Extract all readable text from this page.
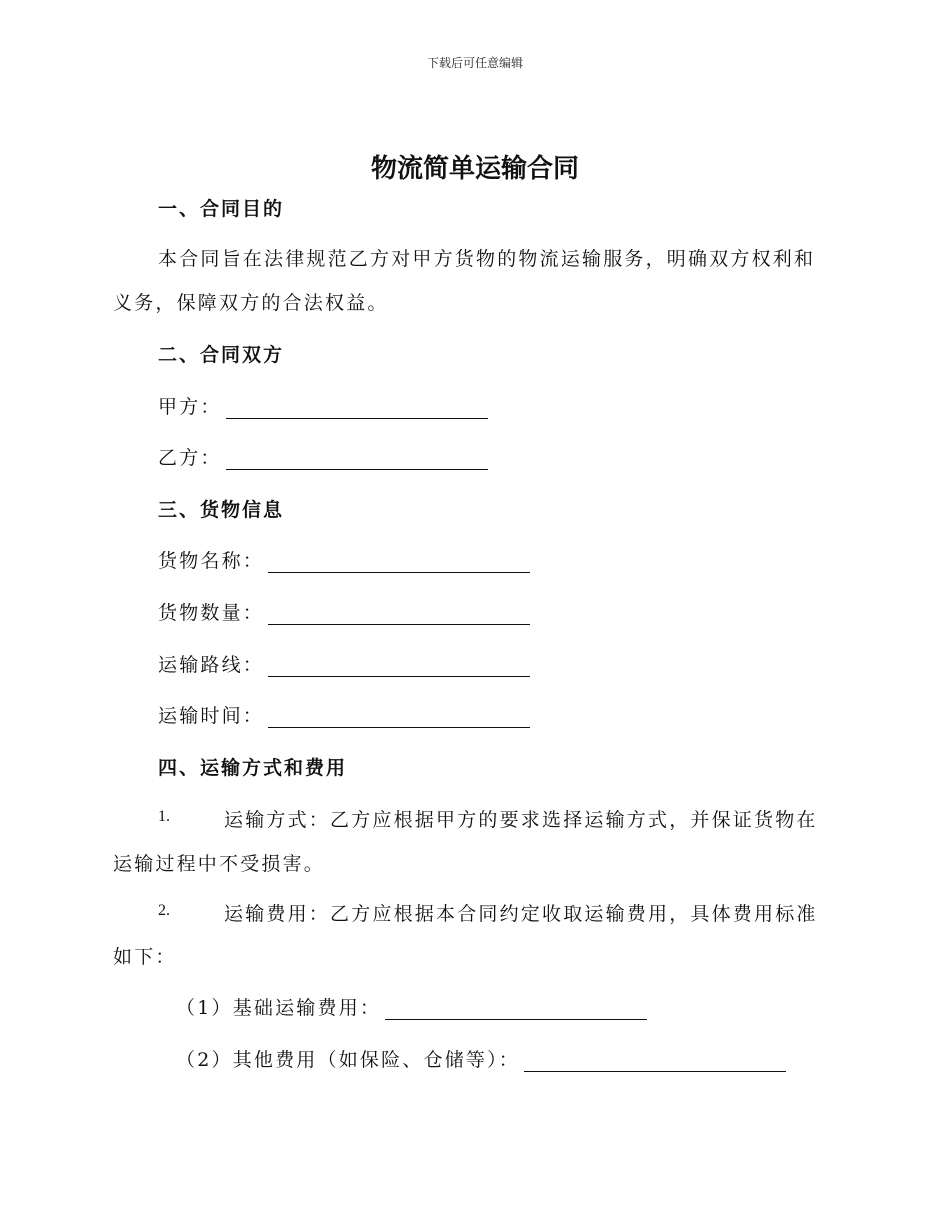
下载后可任意编辑
物流简单运输合同
一、合同目的
本合同旨在法律规范乙方对甲方货物的物流运输服务，明确双方权利和
义务，保障双方的合法权益。
二、合同双方
甲方：
乙方：
三、货物信息
货物名称：
货物数量：
运输路线：
运输时间：
四、运输方式和费用
1.	运输方式：乙方应根据甲方的要求选择运输方式，并保证货物在
运输过程中不受损害。
2.	运输费用：乙方应根据本合同约定收取运输费用，具体费用标准
如下：
（1）基础运输费用：
（2）其他费用（如保险、仓储等）：
